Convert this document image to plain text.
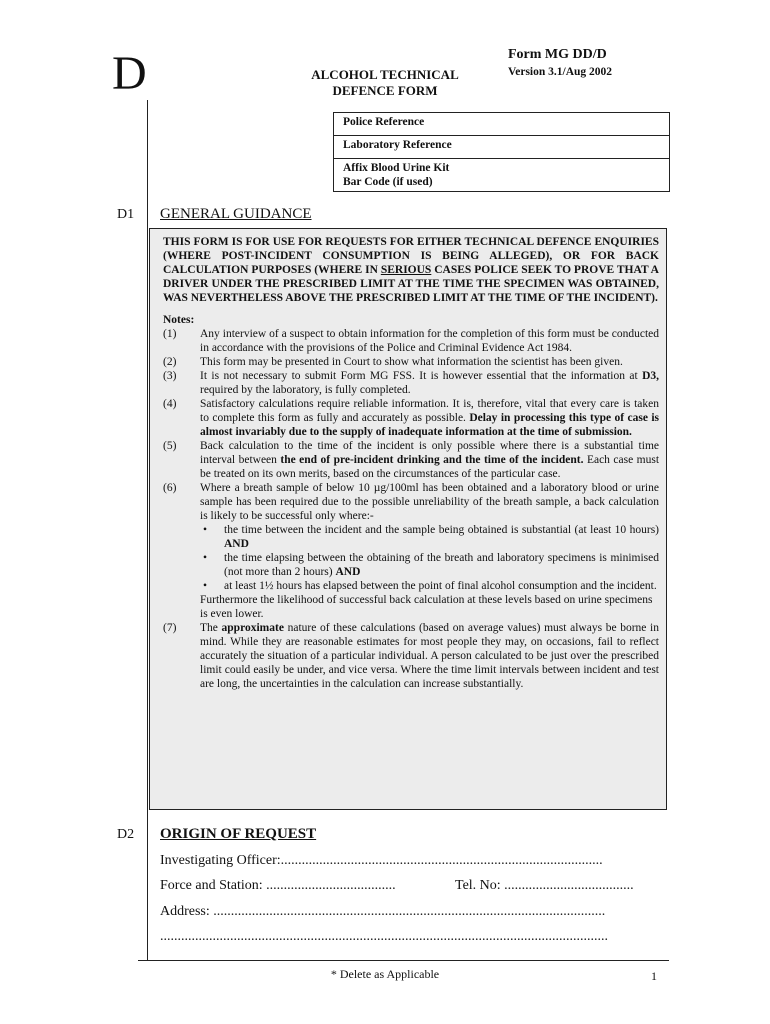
D	ALCOHOL TECHNICAL
DEFENCE FORM
Form MG DD/D
Version 3.1/Aug 2002
Police Reference
Laboratory Reference
Affix Blood Urine Kit
Bar Code (if used)
D1 GENERAL GUIDANCE

THIS FORM IS FOR USE FOR REQUESTS FOR EITHER TECHNICAL DEFENCE ENQUIRIES (WHERE POST-INCIDENT CONSUMPTION IS BEING ALLEGED), OR FOR BACK CALCULATION PURPOSES (WHERE IN SERIOUS CASES POLICE SEEK TO PROVE THAT A DRIVER UNDER THE PRESCRIBED LIMIT AT THE TIME THE SPECIMEN WAS OBTAINED, WAS NEVERTHELESS ABOVE THE PRESCRIBED LIMIT AT THE TIME OF THE INCIDENT).

Notes:

(1)	Any interview of a suspect to obtain information for the completion of this form must be conducted in accordance with the provisions of the Police and Criminal Evidence Act 1984.
(2)	This form may be presented in Court to show what information the scientist has been given.
(3)	It is not necessary to submit Form MG FSS. It is however essential that the information at D3, required by the laboratory, is fully completed.
(4)	Satisfactory calculations require reliable information. It is, therefore, vital that every care is taken to complete this form as fully and accurately as possible. Delay in processing this type of case is almost invariably due to the supply of inadequate information at the time of submission.
(5)	Back calculation to the time of the incident is only possible where there is a substantial time interval between the end of pre-incident drinking and the time of the incident. Each case must be treated on its own merits, based on the circumstances of the particular case.
(6)	Where a breath sample of below 10 µg/100ml has been obtained and a laboratory blood or urine sample has been required due to the possible unreliability of the breath sample, a back calculation is likely to be successful only where:-
•	the time between the incident and the sample being obtained is substantial (at least 10 hours) AND
•	the time elapsing between the obtaining of the breath and laboratory specimens is minimised (not more than 2 hours) AND
•	at least 1½ hours has elapsed between the point of final alcohol consumption and the incident.
Furthermore the likelihood of successful back calculation at these levels based on urine specimens is even lower.
(7)	The approximate nature of these calculations (based on average values) must always be borne in mind. While they are reasonable estimates for most people they may, on occasions, fail to reflect accurately the situation of a particular individual. A person calculated to be just over the prescribed limit could easily be under, and vice versa. Where the time limit intervals between incident and test are long, the uncertainties in the calculation can increase substantially.
D2 ORIGIN OF REQUEST
Investigating Officer:............................................................................................
Force and Station: .....................................	Tel. No: .....................................
Address: ................................................................................................................
................................................................................................................................
* Delete as Applicable	1
